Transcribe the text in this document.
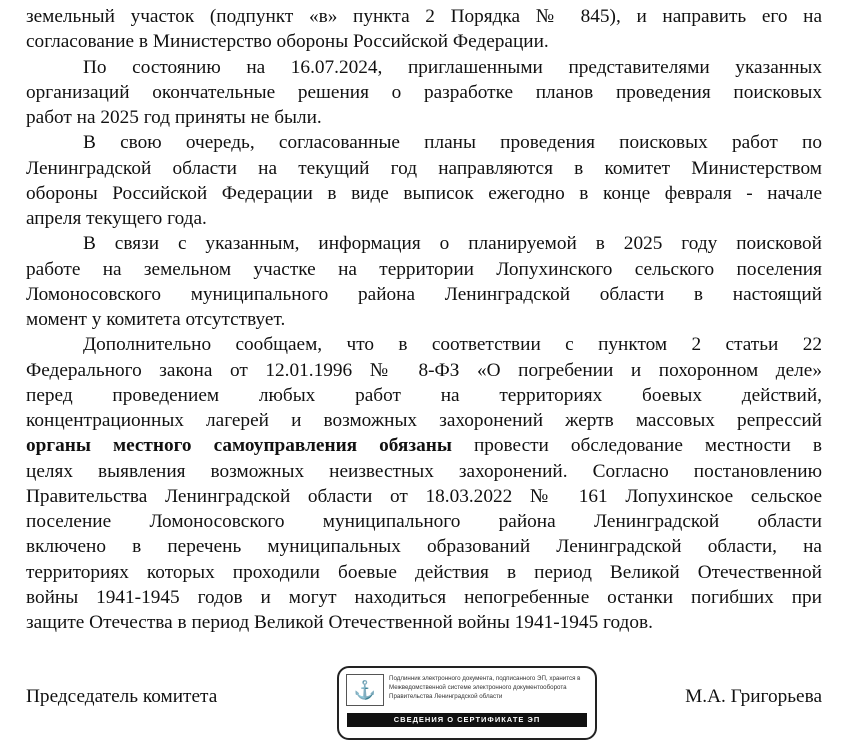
земельный участок (подпункт «в» пункта 2 Порядка № 845), и направить его на
согласование в Министерство обороны Российской Федерации.
По состоянию на 16.07.2024, приглашенными представителями указанных
организаций окончательные решения о разработке планов проведения поисковых
работ на 2025 год приняты не были.
В свою очередь, согласованные планы проведения поисковых работ по
Ленинградской области на текущий год направляются в комитет Министерством
обороны Российской Федерации в виде выписок ежегодно в конце февраля - начале
апреля текущего года.
В связи с указанным, информация о планируемой в 2025 году поисковой
работе на земельном участке на территории Лопухинского сельского поселения
Ломоносовского муниципального района Ленинградской области в настоящий
момент у комитета отсутствует.
Дополнительно сообщаем, что в соответствии с пунктом 2 статьи 22
Федерального закона от 12.01.1996 № 8-ФЗ «О погребении и похоронном деле»
перед проведением любых работ на территориях боевых действий,
концентрационных лагерей и возможных захоронений жертв массовых репрессий
органы местного самоуправления обязаны провести обследование местности в
целях выявления возможных неизвестных захоронений. Согласно постановлению
Правительства Ленинградской области от 18.03.2022 № 161 Лопухинское сельское
поселение Ломоносовского муниципального района Ленинградской области
включено в перечень муниципальных образований Ленинградской области, на
территориях которых проходили боевые действия в период Великой Отечественной
войны 1941-1945 годов и могут находиться непогребенные останки погибших при
защите Отечества в период Великой Отечественной войны 1941-1945 годов.
Председатель комитета	М.А. Григорьева
⚓
Подлинник электронного документа, подписанного ЭП, хранится в Межведомственной системе электронного документооборота Правительства Ленинградской области
СВЕДЕНИЯ О СЕРТИФИКАТЕ ЭП
